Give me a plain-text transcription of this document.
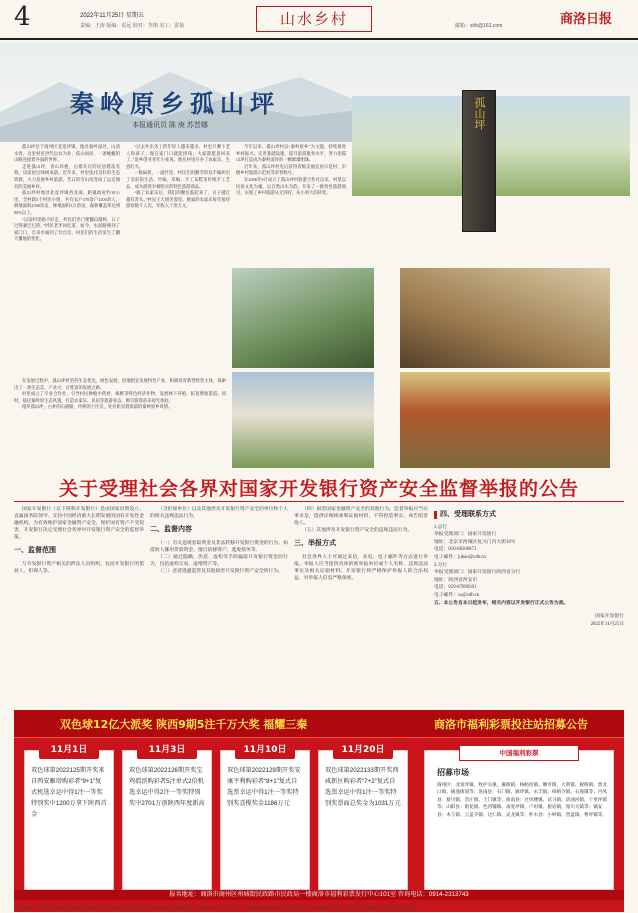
4	2022年11月25日 星期五
责编：王涛 版编：雷远 校对：李翔 美工：雷茹	山水乡村	邮箱：slrb@163.com	商洛日报
秦岭原乡孤山坪
本报通讯员 陈 庚 苏晋娜	孤山坪

孤山坪位于商州区北宽坪镇，地处秦岭深处，山清水秀，这里村民世代以农为业，依山而居，一条蜿蜒的山路连接着外面的世界。

走进孤山坪，青山环抱，白墙灰瓦的民居错落有致，房前屋后绿树成荫。近年来，村里依托良好的生态资源，大力发展乡村旅游，昔日的穷山沟变成了远近闻名的美丽乡村。

孤山坪村地处北宽坪镇西北部，距镇政府约10公里，全村辖5个村民小组，共有农户370余户1200余人，耕地面积2500余亩，林地面积3万余亩，森林覆盖率达到90%以上。

“以前村里路不好走，村民们出门要翻山越岭，日子过得紧巴巴的。”村民老李回忆道。如今，水泥路修到了家门口，自来水通到了灶台边，村民们的生活发生了翻天覆地的变化。

“过去外出务工的年轻人越来越多，村里只剩下老人和孩子。现在家门口就能挣钱，大家都愿意回来了。”返乡创业青年小张说。他在村里开办了农家乐，生意红火。

一根扁担、一副竹筐，村民们用勤劳的双手编织出了美好的生活。竹编、草编、手工布鞋等传统手工艺品，成为游客争相购买的特色旅游商品。

“搞了农家乐后，我们的腰包鼓起来了，日子越过越有奔头。”村民王大姐笑着说。她家的农家乐每年接待游客数千人次，年收入十余万元。

今年以来，孤山坪村以“秦岭原乡”为主题，持续推进乡村振兴，完善基础设施，提升旅游服务水平，努力把孤山坪打造成为秦岭深处的一颗璀璨明珠。

近年来，孤山坪村先后获得省级美丽宜居示范村、市级乡村旅游示范村等荣誉称号。

在2006年9月成立了孤山坪村旅游合作社以来，村里以民俗文化为魂，以自然山水为韵，开发了一批特色旅游项目，实现了乡村旅游从无到有、从小到大的转变。

在发展过程中，孤山坪村坚持生态优先、绿色发展，因地制宜发展特色产业，积极培育新型经营主体，探索出了一条生态美、产业兴、百姓富的发展之路。

村里成立了专业合作社，引导村民种植中药材、核桃等特色经济作物，发展林下养殖，拓宽增收渠道。同时，依托秦岭原生态风貌，打造农家乐、民宿等旅游业态，吸引游客前来观光体验。

漫步孤山坪，古朴的石板路、传统的土坯房，处处彰显着浓郁的秦岭原乡风情。

关于受理社会各界对国家开发银行资产安全监督举报的公告

国家开发银行（以下简称开发银行）是由国家出资设立、直属国务院领导、支持中国经济重大长期发展的国有开发性金融机构。为有效维护国家金融资产安全，保护国有资产不受侵害，开发银行决定受理社会各界对开发银行资产安全的监督举报。

一、监督范围

与开发银行资产相关的涉法人员组织，包括开发银行的借款人、担保人等。

（含担保单位）以及其他涉及开发银行资产安全的单位和个人的相关违规违法行为。

二、监督内容

（一）有关违规套取资金及非法转移开发银行资金的行为。如借款人挪用贷款资金、擅自转移资产、逃废债务等。

（二）通过隐瞒、伪造、虚构等手段骗取开发银行资金的行为，包括虚构交易、虚增资产等。

（三）恶意逃避监管及其他损害开发银行资产安全的行为。

（四）损害国家金融资产安全的其他行为。监督举报应当实事求是，提供详细线索和证据材料，不得捏造事实、诬告陷害他人。

（五）其他涉及开发银行资产安全的违规违法行为。

三、举报方式

社会各界人士可通过来信、来电、电子邮件等方式进行举报。举报人应当提供具体的被举报单位或个人名称、违规违法事实及相关证据材料。开发银行将严格保护举报人的合法权益，对举报人信息严格保密。

四、受理联系方式
1.总行
举报受理部门：国家开发银行
地址：北京市西城区复兴门内大街18号
电话：010-68306871
电子邮件：jubao@cdb.cn
2.分行
举报受理部门：国家开发银行陕西省分行
地址：陕西省西安市
电话：029-87690301
电子邮件：sx@cdb.cn
五、本公告自本日起发布，相关内容以开发银行正式公告为准。
国家开发银行
2022年11月25日
双色球12亿大派奖 陕西9期5注千万大奖 福耀三秦	商洛市福利彩票投注站招募公告
11月1日
双色球第2022125期开奖来自西安雁塔购彩者“9+1”复式机选幸运中得1注一等奖特别奖中1200万拿下陕西首金
11月3日
双色球第2022126期开奖宝鸡渭滨购彩者5注单式2倍机选幸运中得2注一等奖特别奖中2701万创陕西年度新高
11月10日
双色球第2022129期开奖安康平利购彩者“8+1”复式自选票幸运中得1注一等奖特别奖喜揽奖金1186万元
11月20日
双色球第2022133期开奖西咸新区购彩者“7+2”复式自选票幸运中得1注一等奖特别奖票面总奖金为1031万元
中国福利彩票
招募市场
商州区：北宽坪镇、牧护关镇、麻街镇、杨峪河镇、腰市镇、大荆镇、板桥镇、黑龙口镇、砚池街道等；洛南县：石门镇、麻坪镇、永丰镇、柏峪寺镇、石坡镇等；丹凤县：蔡川镇、峦庄镇、土门镇等；商南县：过风楼镇、试马镇、清油河镇、十里坪镇等；山阳县：银花镇、色河铺镇、南宽坪镇、户垣镇、板岩镇、漫川关镇等；镇安县：木王镇、云盖寺镇、达仁镇、灵龙镇等；柞水县：小岭镇、营盘镇、曹坪镇等。
报名地址：商洛市商州区州城街民政路市民政局一楼商洛市福利彩票发行中心101室 咨询电话：0914-2313743
本社地址：商洛市北新街西段92号 邮政编码：726000 办公室电话：2313490 采编部电话：2325222 广告许可证：6125004000002 广告公司电话：2314088 订阅：全年180元 印刷：商洛日报社印刷厂
